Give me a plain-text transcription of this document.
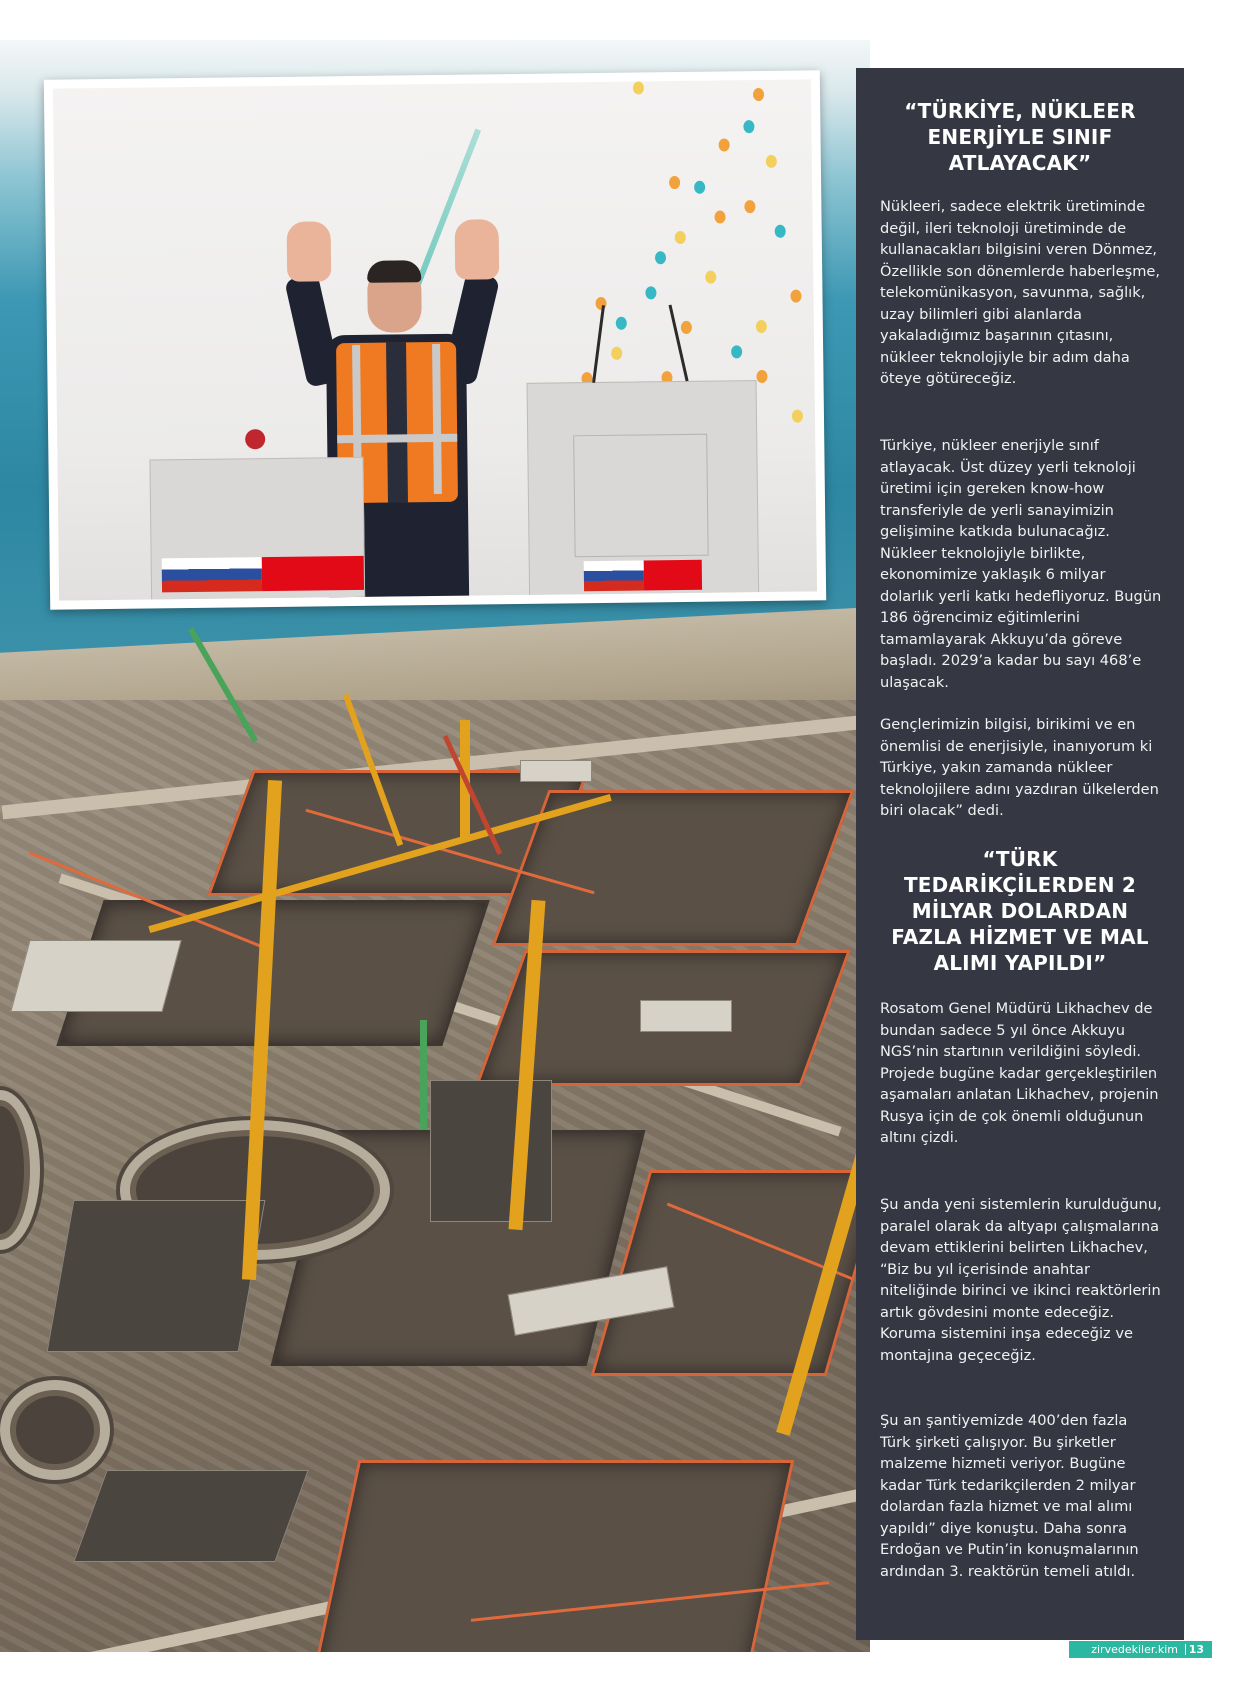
“TÜRKİYE, NÜKLEER ENERJİYLE SINIF ATLAYACAK”

Nükleeri, sadece elektrik üretiminde değil, ileri teknoloji üretiminde de kullanacakları bilgisini veren Dönmez, Özellikle son dönemlerde haberleşme, telekomünikasyon, savunma, sağlık, uzay bilimleri gibi alanlarda yakaladığımız başarının çıtasını, nükleer teknolojiyle bir adım daha öteye götüreceğiz.

Türkiye, nükleer enerjiyle sınıf atlayacak. Üst düzey yerli teknoloji üretimi için gereken know-how transferiyle de yerli sanayimizin gelişimine katkıda bulunacağız. Nükleer teknolojiyle birlikte, ekonomimize yaklaşık 6 milyar dolarlık yerli katkı hedefliyoruz. Bugün 186 öğrencimiz eğitimlerini tamamlayarak Akkuyu’da göreve başladı. 2029’a kadar bu sayı 468’e ulaşacak.

Gençlerimizin bilgisi, birikimi ve en önemlisi de enerjisiyle, inanıyorum ki Türkiye, yakın zamanda nükleer teknolojilere adını yazdıran ülkelerden biri olacak” dedi.

“TÜRK TEDARİKÇİLERDEN 2 MİLYAR DOLARDAN FAZLA HİZMET VE MAL ALIMI YAPILDI”

Rosatom Genel Müdürü Likhachev de bundan sadece 5 yıl önce Akkuyu NGS’nin startının verildiğini söyledi. Projede bugüne kadar gerçekleştirilen aşamaları anlatan Likhachev, projenin Rusya için de çok önemli olduğunun altını çizdi.

Şu anda yeni sistemlerin kurulduğunu, paralel olarak da altyapı çalışmalarına devam ettiklerini belirten Likhachev, “Biz bu yıl içerisinde anahtar niteliğinde birinci ve ikinci reaktörlerin artık gövdesini monte edeceğiz. Koruma sistemini inşa edeceğiz ve montajına geçeceğiz.

Şu an şantiyemizde 400’den fazla Türk şirketi çalışıyor. Bu şirketler malzeme hizmeti veriyor. Bugüne kadar Türk tedarikçilerden 2 milyar dolardan fazla hizmet ve mal alımı yapıldı” diye konuştu. Daha sonra Erdoğan ve Putin’in konuşmalarının ardından 3. reaktörün temeli atıldı.

zirvedekiler.kim 13
